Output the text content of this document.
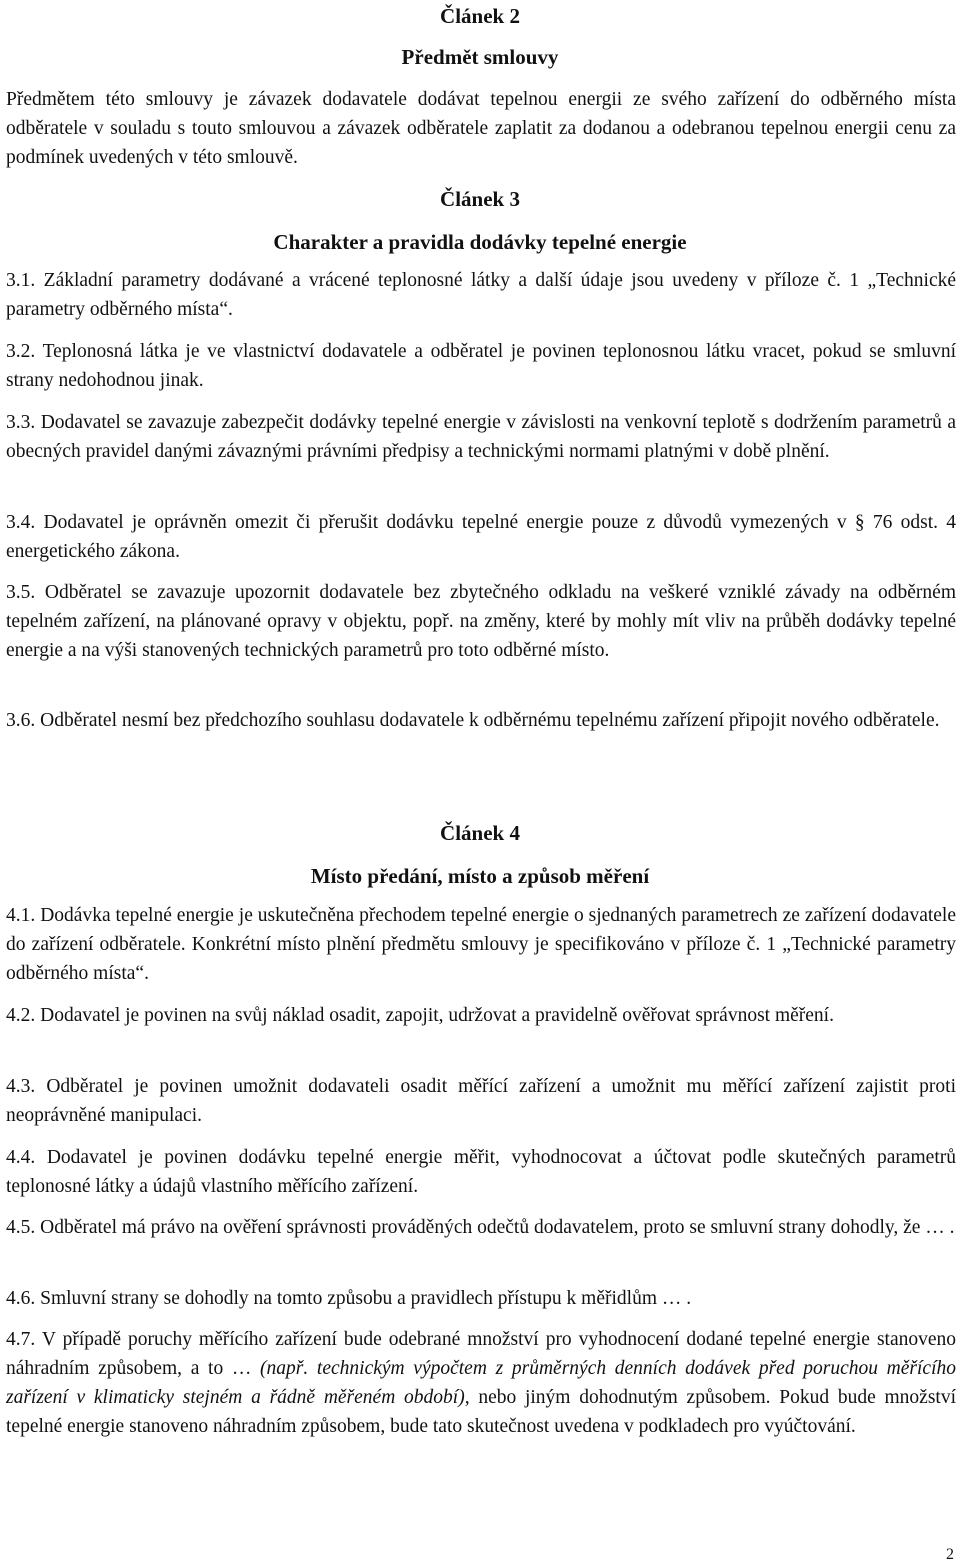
Článek 2
Předmět smlouvy

Předmětem této smlouvy je závazek dodavatele dodávat tepelnou energii ze svého zařízení do odběrného místa odběratele v souladu s touto smlouvou a závazek odběratele zaplatit za dodanou a odebranou tepelnou energii cenu za podmínek uvedených v této smlouvě.

Článek 3
Charakter a pravidla dodávky tepelné energie

3.1. Základní parametry dodávané a vrácené teplonosné látky a další údaje jsou uvedeny v příloze č. 1 „Technické parametry odběrného místa“.

3.2. Teplonosná látka je ve vlastnictví dodavatele a odběratel je povinen teplonosnou látku vracet, pokud se smluvní strany nedohodnou jinak.

3.3. Dodavatel se zavazuje zabezpečit dodávky tepelné energie v závislosti na venkovní teplotě s dodržením parametrů a obecných pravidel danými závaznými právními předpisy a technickými normami platnými v době plnění.

3.4. Dodavatel je oprávněn omezit či přerušit dodávku tepelné energie pouze z důvodů vymezených v § 76 odst. 4 energetického zákona.

3.5. Odběratel se zavazuje upozornit dodavatele bez zbytečného odkladu na veškeré vzniklé závady na odběrném tepelném zařízení, na plánované opravy v objektu, popř. na změny, které by mohly mít vliv na průběh dodávky tepelné energie a na výši stanovených technických parametrů pro toto odběrné místo.

3.6. Odběratel nesmí bez předchozího souhlasu dodavatele k odběrnému tepelnému zařízení připojit nového odběratele.

Článek 4
Místo předání, místo a způsob měření

4.1. Dodávka tepelné energie je uskutečněna přechodem tepelné energie o sjednaných parametrech ze zařízení dodavatele do zařízení odběratele. Konkrétní místo plnění předmětu smlouvy je specifikováno v příloze č. 1 „Technické parametry odběrného místa“.

4.2. Dodavatel je povinen na svůj náklad osadit, zapojit, udržovat a pravidelně ověřovat správnost měření.

4.3. Odběratel je povinen umožnit dodavateli osadit měřící zařízení a umožnit mu měřící zařízení zajistit proti neoprávněné manipulaci.

4.4. Dodavatel je povinen dodávku tepelné energie měřit, vyhodnocovat a účtovat podle skutečných parametrů teplonosné látky a údajů vlastního měřícího zařízení.

4.5. Odběratel má právo na ověření správnosti prováděných odečtů dodavatelem, proto se smluvní strany dohodly, že … .

4.6. Smluvní strany se dohodly na tomto způsobu a pravidlech přístupu k měřidlům … .

4.7. V případě poruchy měřícího zařízení bude odebrané množství pro vyhodnocení dodané tepelné energie stanoveno náhradním způsobem, a to … (např. technickým výpočtem z průměrných denních dodávek před poruchou měřícího zařízení v klimaticky stejném a řádně měřeném období), nebo jiným dohodnutým způsobem. Pokud bude množství tepelné energie stanoveno náhradním způsobem, bude tato skutečnost uvedena v podkladech pro vyúčtování.

2
